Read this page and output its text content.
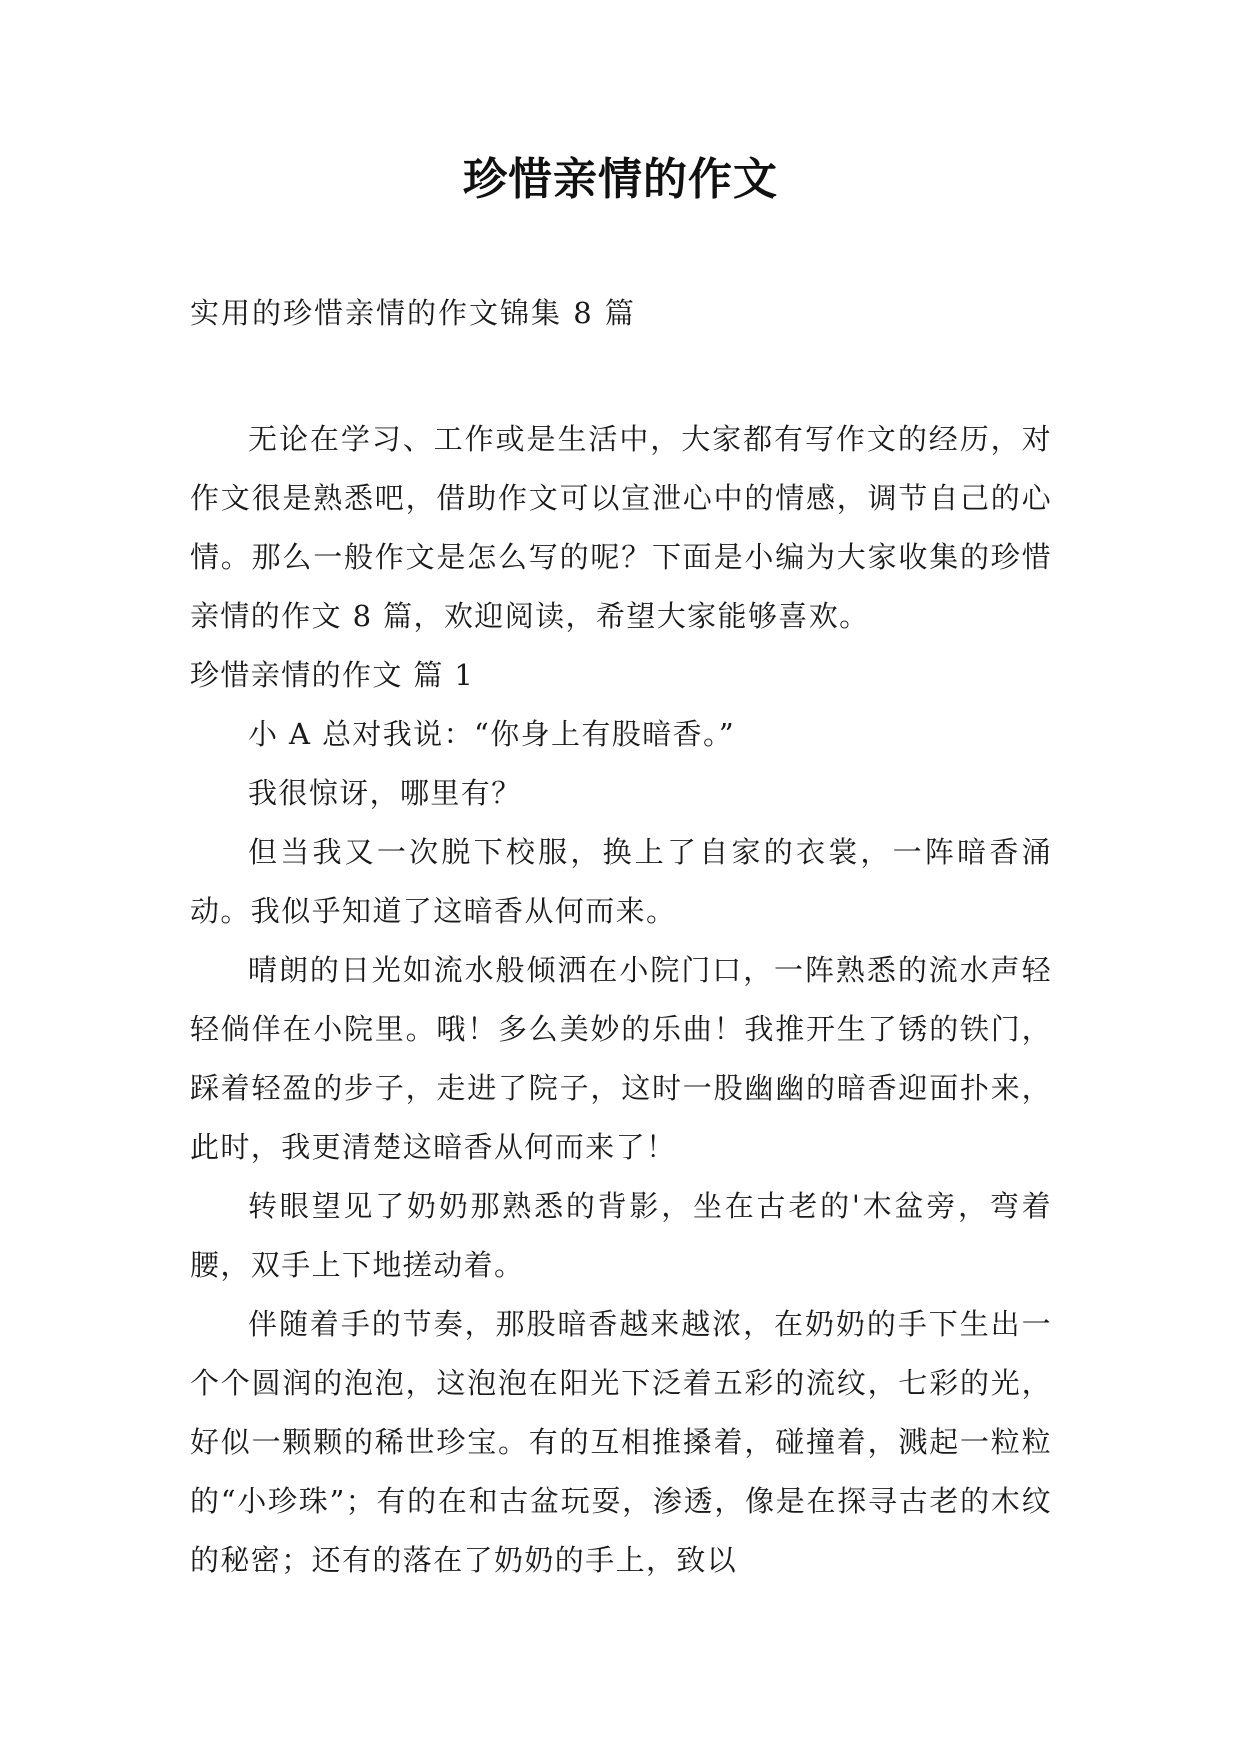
珍惜亲情的作文
实用的珍惜亲情的作文锦集 8 篇

无论在学习、工作或是生活中，大家都有写作文的经历，对作文很是熟悉吧，借助作文可以宣泄心中的情感，调节自己的心情。那么一般作文是怎么写的呢？下面是小编为大家收集的珍惜亲情的作文 8 篇，欢迎阅读，希望大家能够喜欢。

珍惜亲情的作文 篇 1

小 A 总对我说：“你身上有股暗香。”

我很惊讶，哪里有？

但当我又一次脱下校服，换上了自家的衣裳，一阵暗香涌动。我似乎知道了这暗香从何而来。

晴朗的日光如流水般倾洒在小院门口，一阵熟悉的流水声轻轻倘佯在小院里。哦！多么美妙的乐曲！我推开生了锈的铁门，踩着轻盈的步子，走进了院子，这时一股幽幽的暗香迎面扑来，此时，我更清楚这暗香从何而来了！

转眼望见了奶奶那熟悉的背影，坐在古老的'木盆旁，弯着腰，双手上下地搓动着。

伴随着手的节奏，那股暗香越来越浓，在奶奶的手下生出一个个圆润的泡泡，这泡泡在阳光下泛着五彩的流纹，七彩的光，好似一颗颗的稀世珍宝。有的互相推搡着，碰撞着，溅起一粒粒的“小珍珠”；有的在和古盆玩耍，渗透，像是在探寻古老的木纹的秘密；还有的落在了奶奶的手上，致以
